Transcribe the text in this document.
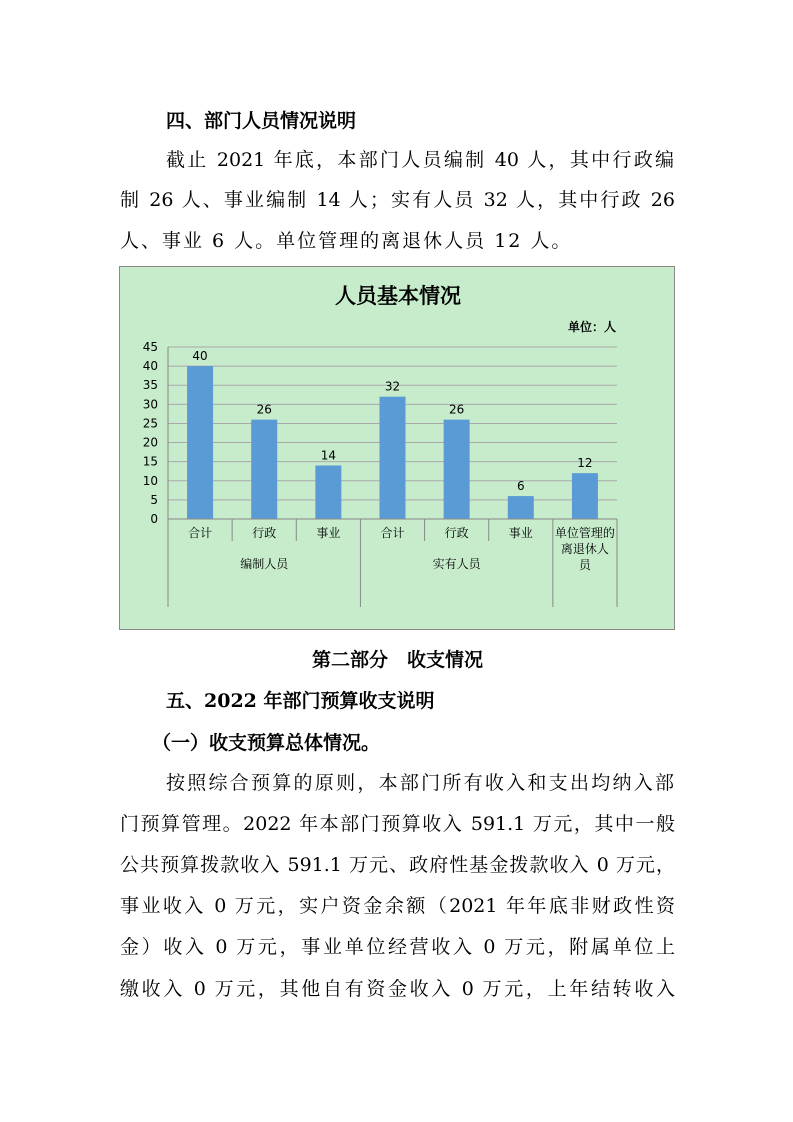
四、部门人员情况说明
截止 2021 年底，本部门人员编制 40 人，其中行政编
制 26 人、事业编制 14 人；实有人员 32 人，其中行政 26
人、事业 6 人。单位管理的离退休人员 12 人。
人员基本情况
单位：人
0
5
10
15
20
25
30
35
40
45
40
26
14
32
26
6
12
合计	行政	事业	合计	行政	事业 单位管理的
离退休人
员
编制人员	实有人员
第二部分　收支情况
五、2022 年部门预算收支说明
（一）收支预算总体情况。
按照综合预算的原则，本部门所有收入和支出均纳入部
门预算管理。2022 年本部门预算收入 591.1 万元，其中一般
公共预算拨款收入 591.1 万元、政府性基金拨款收入 0 万元，
事业收入 0 万元，实户资金余额（2021 年年底非财政性资
金）收入 0 万元，事业单位经营收入 0 万元，附属单位上
缴收入 0 万元，其他自有资金收入 0 万元，上年结转收入
